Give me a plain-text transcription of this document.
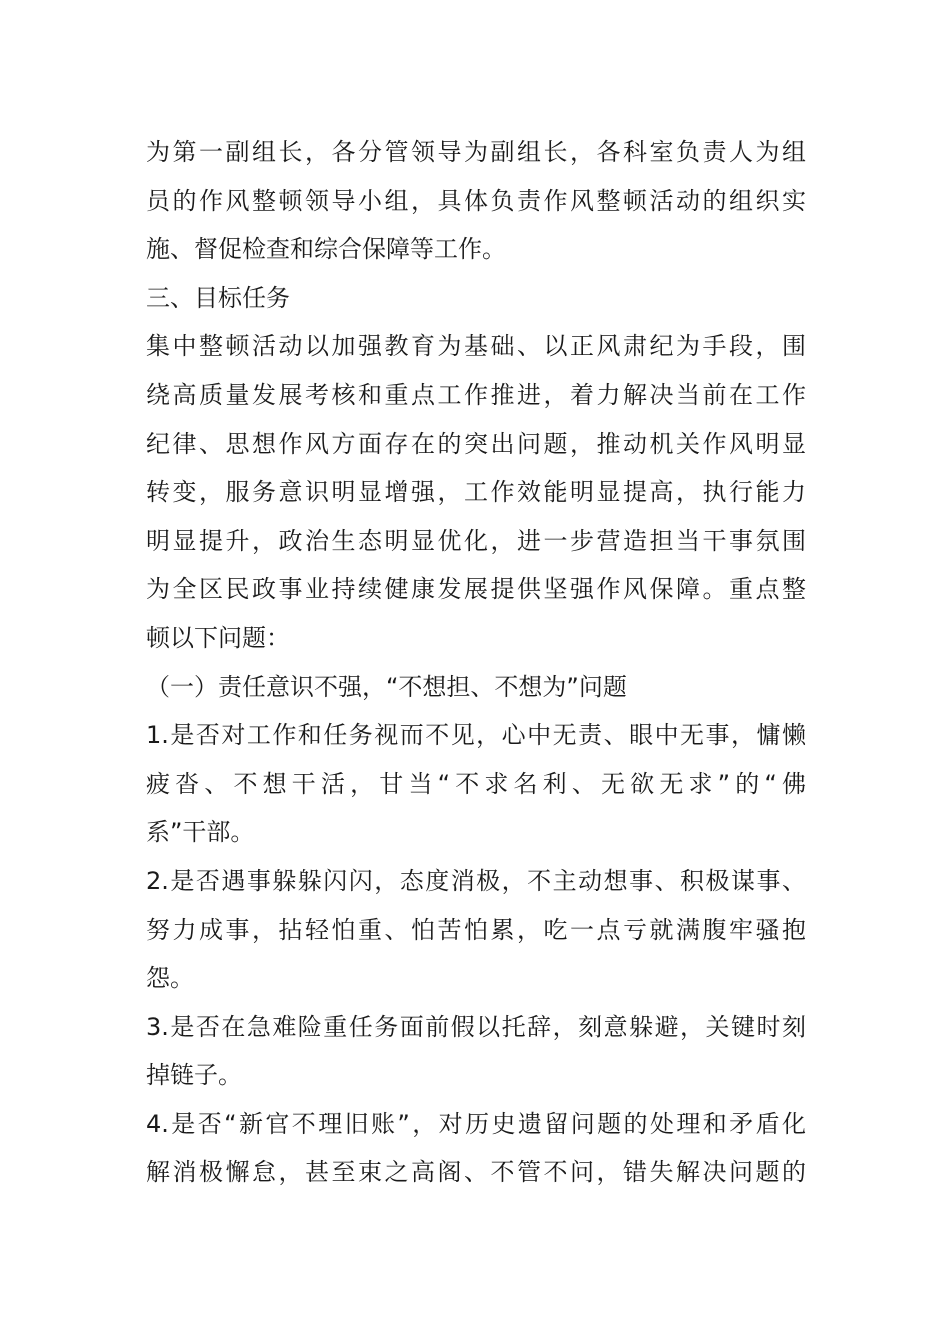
为第一副组长，各分管领导为副组长，各科室负责人为组
员的作风整顿领导小组，具体负责作风整顿活动的组织实
施、督促检查和综合保障等工作。
三、目标任务
集中整顿活动以加强教育为基础、以正风肃纪为手段，围
绕高质量发展考核和重点工作推进，着力解决当前在工作
纪律、思想作风方面存在的突出问题，推动机关作风明显
转变，服务意识明显增强，工作效能明显提高，执行能力
明显提升，政治生态明显优化，进一步营造担当干事氛围
为全区民政事业持续健康发展提供坚强作风保障。重点整
顿以下问题：
（一）责任意识不强，“不想担、不想为”问题
1.是否对工作和任务视而不见，心中无责、眼中无事，慵懒
疲沓、不想干活，甘当“不求名利、无欲无求”的“佛
系”干部。
2.是否遇事躲躲闪闪，态度消极，不主动想事、积极谋事、
努力成事，拈轻怕重、怕苦怕累，吃一点亏就满腹牢骚抱
怨。
3.是否在急难险重任务面前假以托辞，刻意躲避，关键时刻
掉链子。
4.是否“新官不理旧账”，对历史遗留问题的处理和矛盾化
解消极懈怠，甚至束之高阁、不管不问，错失解决问题的
